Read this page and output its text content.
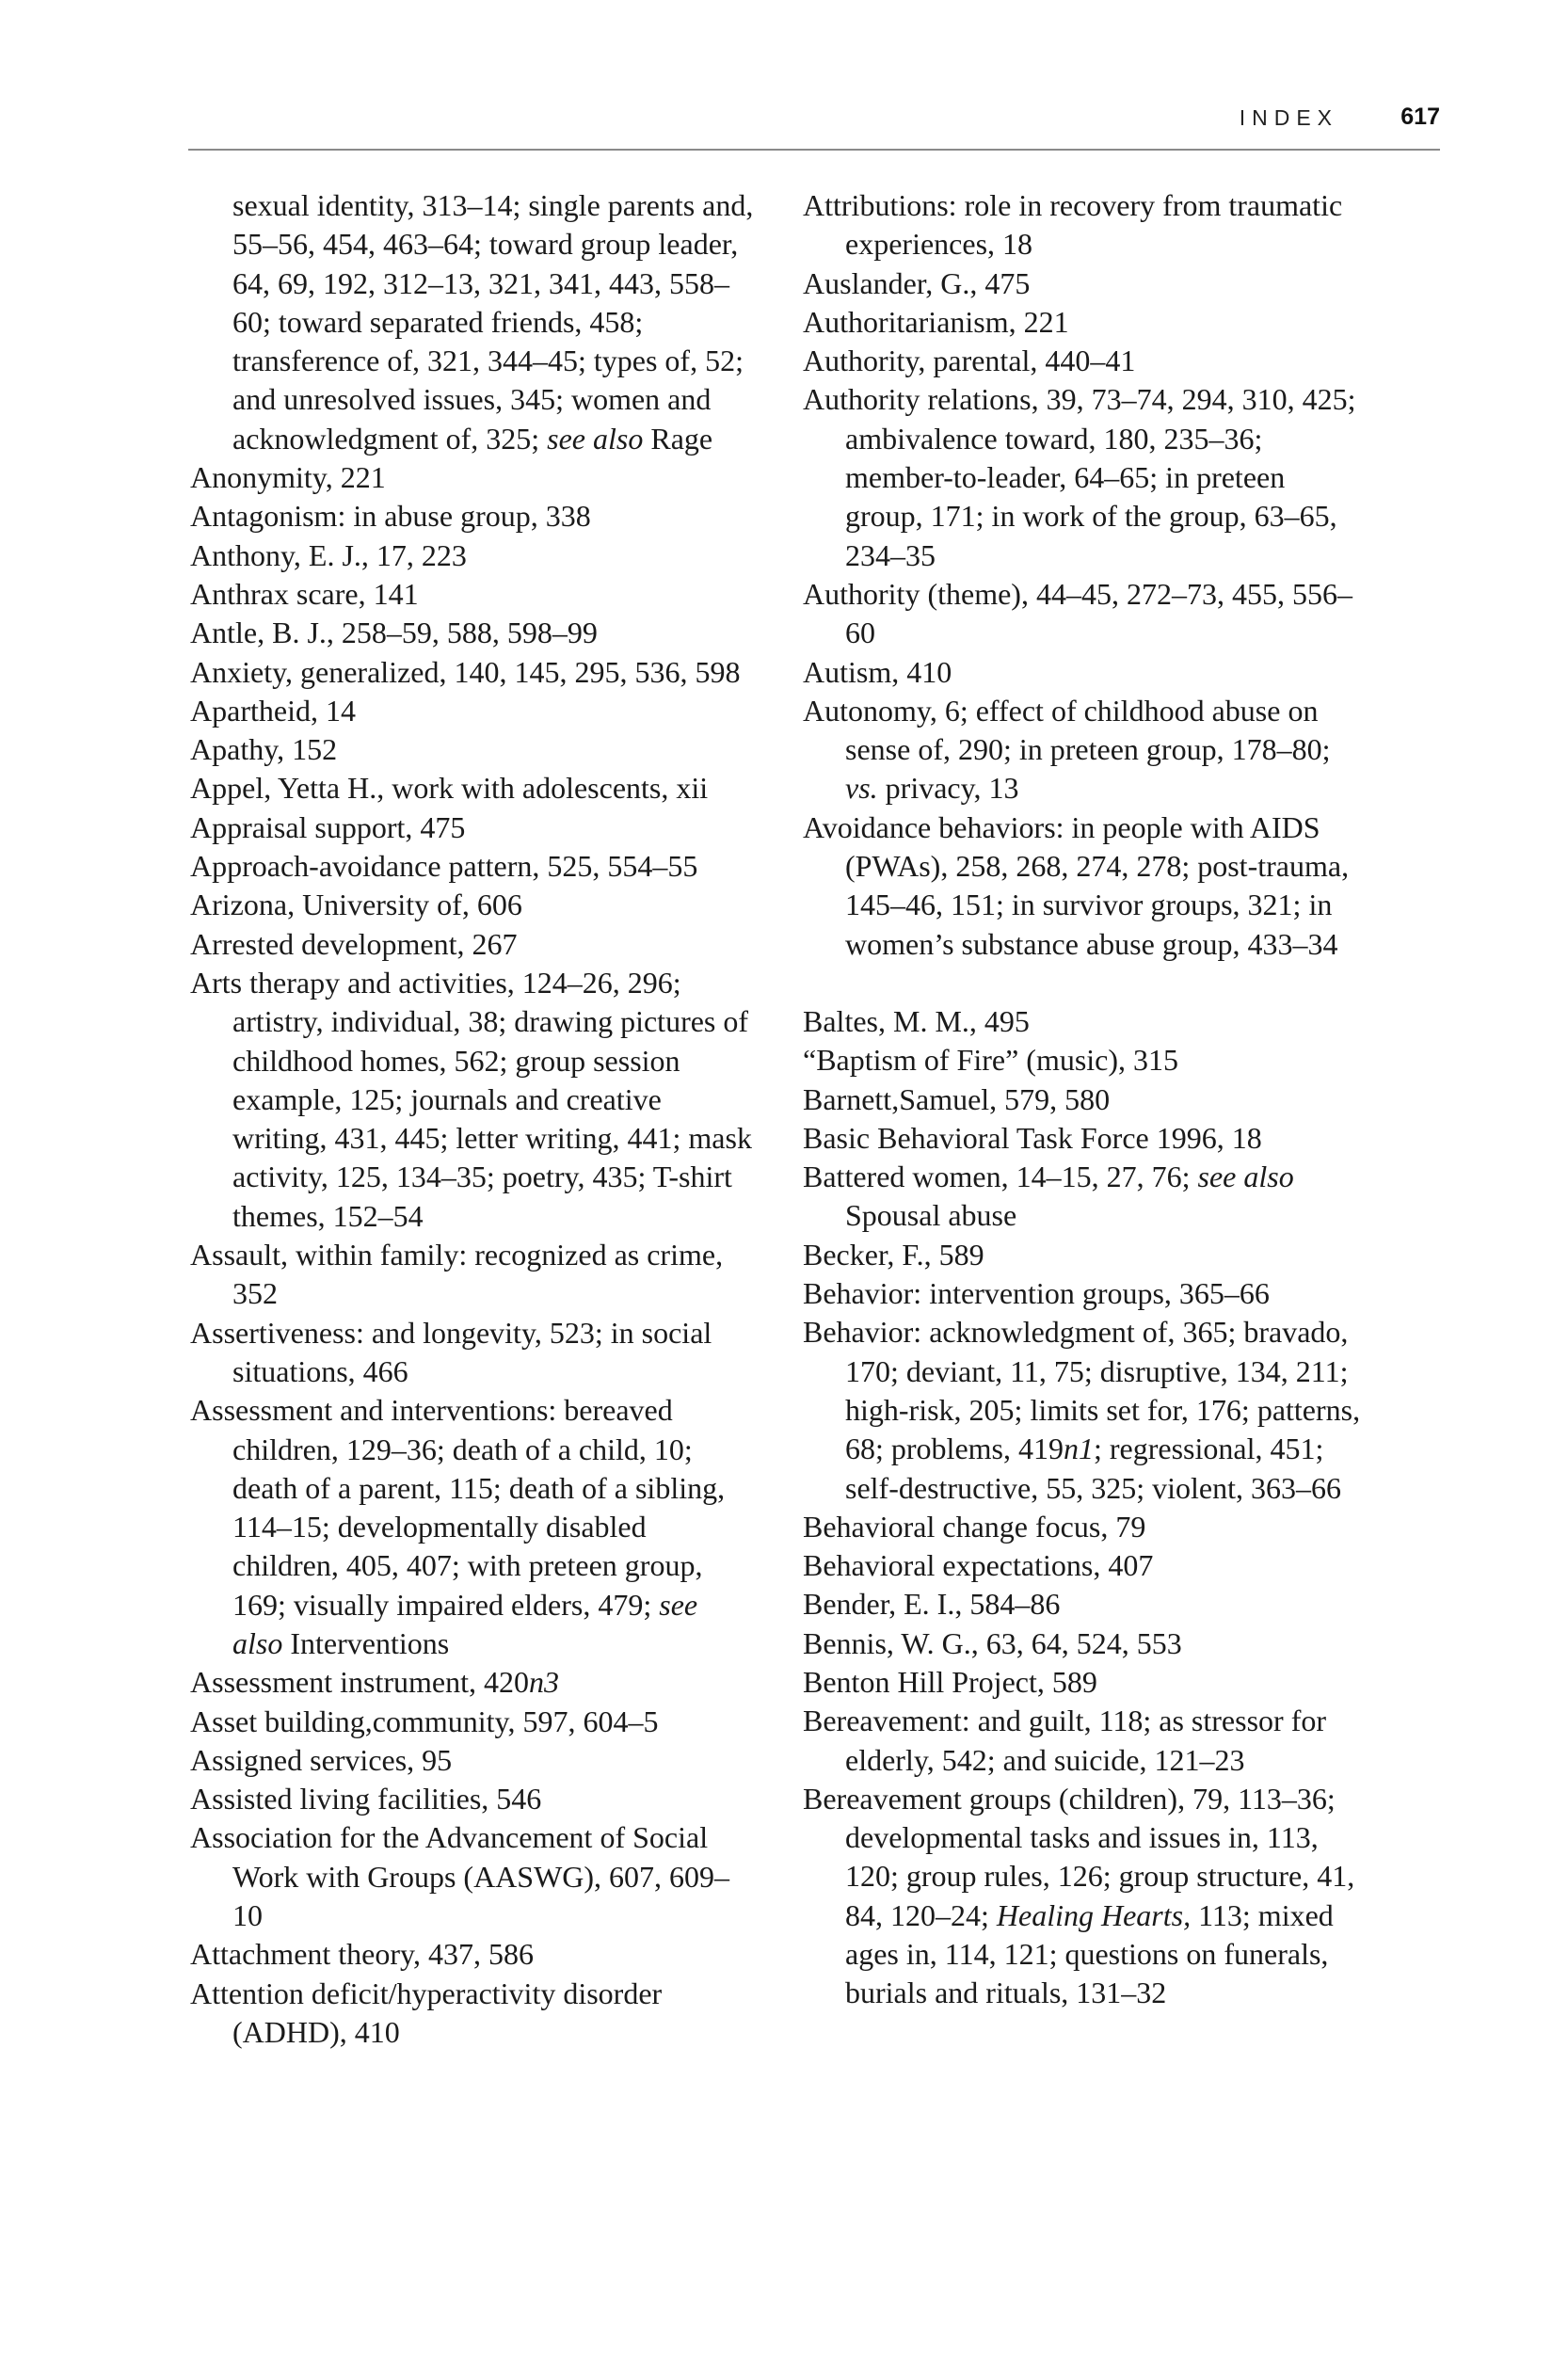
INDEX	617

sexual identity, 313–14; single parents and, 55–56, 454, 463–64; toward group leader, 64, 69, 192, 312–13, 321, 341, 443, 558–60; toward separated friends, 458; transference of, 321, 344–45; types of, 52; and unresolved issues, 345; women and acknowledgment of, 325; see also Rage

Anonymity, 221

Antagonism: in abuse group, 338

Anthony, E. J., 17, 223

Anthrax scare, 141

Antle, B. J., 258–59, 588, 598–99

Anxiety, generalized, 140, 145, 295, 536, 598

Apartheid, 14

Apathy, 152

Appel, Yetta H., work with adolescents, xii

Appraisal support, 475

Approach-avoidance pattern, 525, 554–55

Arizona, University of, 606

Arrested development, 267

Arts therapy and activities, 124–26, 296; artistry, individual, 38; drawing pictures of childhood homes, 562; group session example, 125; journals and creative writing, 431, 445; letter writing, 441; mask activity, 125, 134–35; poetry, 435; T-shirt themes, 152–54

Assault, within family: recognized as crime, 352

Assertiveness: and longevity, 523; in social situations, 466

Assessment and interventions: bereaved children, 129–36; death of a child, 10; death of a parent, 115; death of a sibling, 114–15; developmentally disabled children, 405, 407; with preteen group, 169; visually impaired elders, 479; see also Interventions

Assessment instrument, 420n3

Asset building,community, 597, 604–5

Assigned services, 95

Assisted living facilities, 546

Association for the Advancement of Social Work with Groups (AASWG), 607, 609–10

Attachment theory, 437, 586

Attention deficit/hyperactivity disorder (ADHD), 410

Attributions: role in recovery from traumatic experiences, 18

Auslander, G., 475

Authoritarianism, 221

Authority, parental, 440–41

Authority relations, 39, 73–74, 294, 310, 425; ambivalence toward, 180, 235–36; member-to-leader, 64–65; in preteen group, 171; in work of the group, 63–65, 234–35

Authority (theme), 44–45, 272–73, 455, 556–60

Autism, 410

Autonomy, 6; effect of childhood abuse on sense of, 290; in preteen group, 178–80; vs. privacy, 13

Avoidance behaviors: in people with AIDS (PWAs), 258, 268, 274, 278; post-trauma, 145–46, 151; in survivor groups, 321; in women’s substance abuse group, 433–34

Baltes, M. M., 495

“Baptism of Fire” (music), 315

Barnett,Samuel, 579, 580

Basic Behavioral Task Force 1996, 18

Battered women, 14–15, 27, 76; see also Spousal abuse

Becker, F., 589

Behavior: intervention groups, 365–66

Behavior: acknowledgment of, 365; bravado, 170; deviant, 11, 75; disruptive, 134, 211; high-risk, 205; limits set for, 176; patterns, 68; problems, 419n1; regressional, 451; self-destructive, 55, 325; violent, 363–66

Behavioral change focus, 79

Behavioral expectations, 407

Bender, E. I., 584–86

Bennis, W. G., 63, 64, 524, 553

Benton Hill Project, 589

Bereavement: and guilt, 118; as stressor for elderly, 542; and suicide, 121–23

Bereavement groups (children), 79, 113–36; developmental tasks and issues in, 113, 120; group rules, 126; group structure, 41, 84, 120–24; Healing Hearts, 113; mixed ages in, 114, 121; questions on funerals, burials and rituals, 131–32
